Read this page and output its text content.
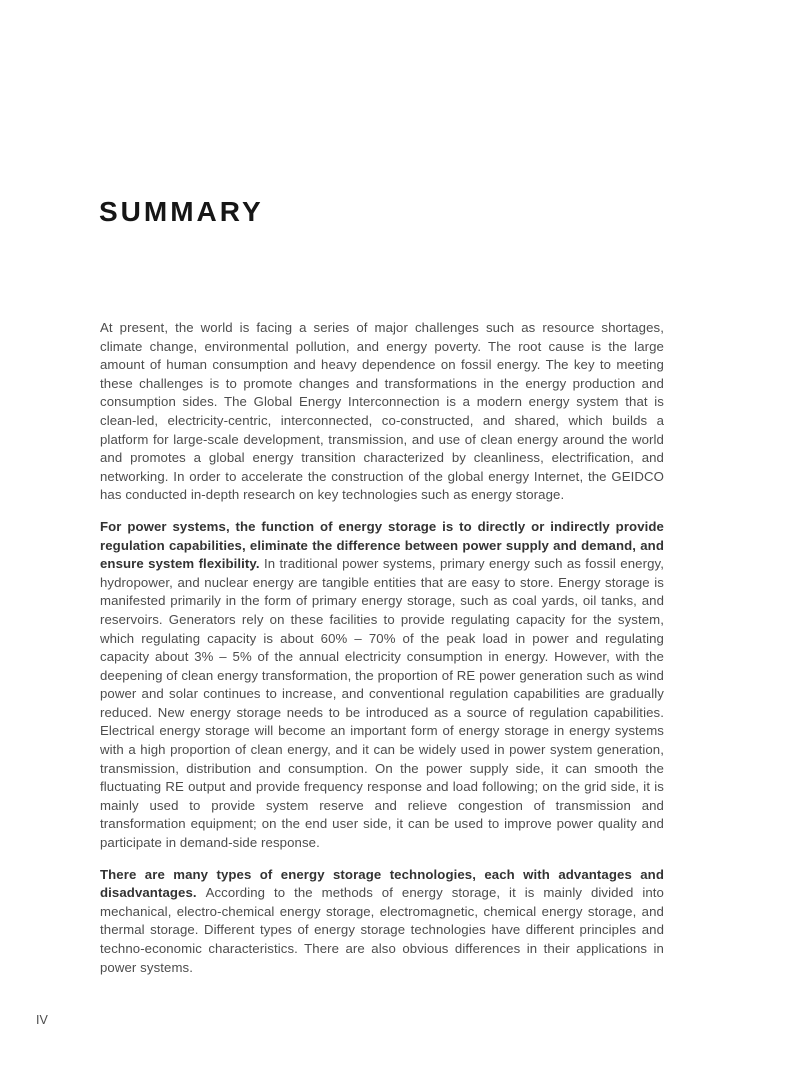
SUMMARY

At present, the world is facing a series of major challenges such as resource shortages, climate change, environmental pollution, and energy poverty. The root cause is the large amount of human consumption and heavy dependence on fossil energy. The key to meeting these challenges is to promote changes and transformations in the energy production and consumption sides. The Global Energy Interconnection is a modern energy system that is clean-led, electricity-centric, interconnected, co-constructed, and shared, which builds a platform for large-scale development, transmission, and use of clean energy around the world and promotes a global energy transition characterized by cleanliness, electrification, and networking. In order to accelerate the construction of the global energy Internet, the GEIDCO has conducted in-depth research on key technologies such as energy storage.

For power systems, the function of energy storage is to directly or indirectly provide regulation capabilities, eliminate the difference between power supply and demand, and ensure system flexibility. In traditional power systems, primary energy such as fossil energy, hydropower, and nuclear energy are tangible entities that are easy to store. Energy storage is manifested primarily in the form of primary energy storage, such as coal yards, oil tanks, and reservoirs. Generators rely on these facilities to provide regulating capacity for the system, which regulating capacity is about 60% – 70% of the peak load in power and regulating capacity about 3% – 5% of the annual electricity consumption in energy. However, with the deepening of clean energy transformation, the proportion of RE power generation such as wind power and solar continues to increase, and conventional regulation capabilities are gradually reduced. New energy storage needs to be introduced as a source of regulation capabilities. Electrical energy storage will become an important form of energy storage in energy systems with a high proportion of clean energy, and it can be widely used in power system generation, transmission, distribution and consumption. On the power supply side, it can smooth the fluctuating RE output and provide frequency response and load following; on the grid side, it is mainly used to provide system reserve and relieve congestion of transmission and transformation equipment; on the end user side, it can be used to improve power quality and participate in demand-side response.

There are many types of energy storage technologies, each with advantages and disadvantages. According to the methods of energy storage, it is mainly divided into mechanical, electro-chemical energy storage, electromagnetic, chemical energy storage, and thermal storage. Different types of energy storage technologies have different principles and techno-economic characteristics. There are also obvious differences in their applications in power systems.

IV
